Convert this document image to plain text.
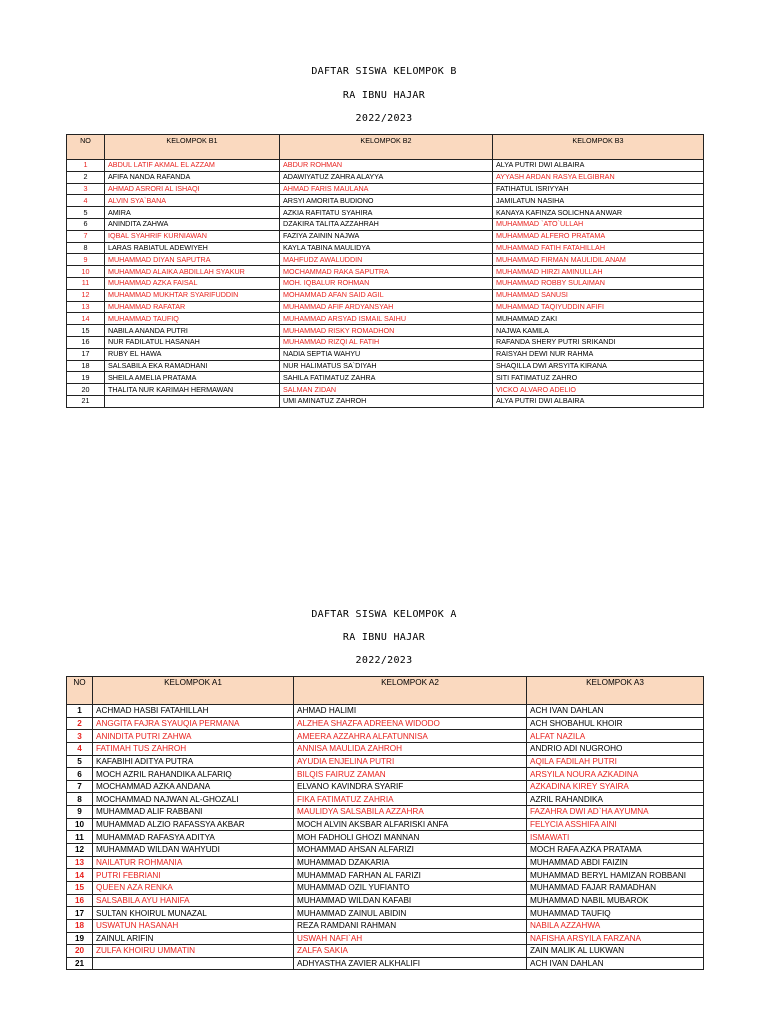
DAFTAR SISWA KELOMPOK B
RA IBNU HAJAR
2022/2023
NO	KELOMPOK B1	KELOMPOK B2	KELOMPOK B3
1	ABDUL LATIF AKMAL EL AZZAM	ABDUR ROHMAN	ALYA PUTRI DWI ALBAIRA
2	AFIFA NANDA RAFANDA	ADAWIYATUZ ZAHRA ALAYYA	AYYASH ARDAN RASYA ELGIBRAN
3	AHMAD ASRORI AL ISHAQI	AHMAD FARIS MAULANA	FATIHATUL ISRIYYAH
4	ALVIN SYA`BANA	ARSYI AMORITA BUDIONO	JAMILATUN NASIHA
5	AMIRA	AZKIA RAFITATU SYAHIRA	KANAYA KAFINZA SOLICHNA ANWAR
6	ANINDITA ZAHWA	DZAKIRA TALITA AZZAHRAH	MUHAMMAD `ATO`ULLAH
7	IQBAL SYAHRIF KURNIAWAN	FAZIYA ZAININ NAJWA	MUHAMMAD ALFERO PRATAMA
8	LARAS RABIATUL ADEWIYEH	KAYLA TABINA MAULIDYA	MUHAMMAD FATIH FATAHILLAH
9	MUHAMMAD DIYAN SAPUTRA	MAHFUDZ AWALUDDIN	MUHAMMAD FIRMAN MAULIDIL ANAM
10	MUHAMMAD ALAIKA ABDILLAH SYAKUR	MOCHAMMAD RAKA SAPUTRA	MUHAMMAD HIRZI AMINULLAH
11	MUHAMMAD AZKA FAISAL	MOH. IQBALUR ROHMAN	MUHAMMAD ROBBY SULAIMAN
12	MUHAMMAD MUKHTAR SYARIFUDDIN	MOHAMMAD AFAN SAID AGIL	MUHAMMAD SANUSI
13	MUHAMMAD RAFATAR	MUHAMMAD AFIF ARDYANSYAH	MUHAMMAD TAQIYUDDIN AFIFI
14	MUHAMMAD TAUFIQ	MUHAMMAD ARSYAD ISMAIL SAIHU	MUHAMMAD ZAKI
15	NABILA ANANDA PUTRI	MUHAMMAD RISKY ROMADHON	NAJWA KAMILA
16	NUR FADILATUL HASANAH	MUHAMMAD RIZQI AL FATIH	RAFANDA SHERY PUTRI SRIKANDI
17	RUBY EL HAWA	NADIA SEPTIA WAHYU	RAISYAH DEWI NUR RAHMA
18	SALSABILA EKA RAMADHANI	NUR HALIMATUS SA`DIYAH	SHAQILLA DWI ARSYITA KIRANA
19	SHEILA AMELIA PRATAMA	SAHILA FATIMATUZ ZAHRA	SITI FATIMATUZ ZAHRO
20	THALITA NUR KARIMAH HERMAWAN	SALMAN ZIDAN	VICKO ALVARO ADELIO
21		UMI AMINATUZ ZAHROH	ALYA PUTRI DWI ALBAIRA
DAFTAR SISWA KELOMPOK A
RA IBNU HAJAR
2022/2023
NO	KELOMPOK A1	KELOMPOK A2	KELOMPOK A3
1	ACHMAD HASBI FATAHILLAH	AHMAD HALIMI	ACH IVAN DAHLAN
2	ANGGITA FAJRA SYAUQIA PERMANA	ALZHEA SHAZFA ADREENA WIDODO	ACH SHOBAHUL KHOIR
3	ANINDITA PUTRI ZAHWA	AMEERA AZZAHRA ALFATUNNISA	ALFAT NAZILA
4	FATIMAH TUS ZAHROH	ANNISA MAULIDA ZAHROH	ANDRIO ADI NUGROHO
5	KAFABIHI ADITYA PUTRA	AYUDIA ENJELINA PUTRI	AQILA FADILAH PUTRI
6	MOCH AZRIL RAHANDIKA ALFARIQ	BILQIS FAIRUZ ZAMAN	ARSYILA NOURA AZKADINA
7	MOCHAMMAD AZKA ANDANA	ELVANO KAVINDRA SYARIF	AZKADINA KIREY SYAIRA
8	MOCHAMMAD NAJWAN AL-GHOZALI	FIKA FATIMATUZ ZAHRIA	AZRIL RAHANDIKA
9	MUHAMMAD ALIF RABBANI	MAULIDYA SALSABILA AZZAHRA	FAZAHRA DWI AD`HA AYUMNA
10	MUHAMMAD ALZIO RAFASSYA AKBAR	MOCH ALVIN AKSBAR ALFARISKI ANFA	FELYCIA ASSHIFA AINI
11	MUHAMMAD RAFASYA ADITYA	MOH FADHOLI GHOZI MANNAN	ISMAWATI
12	MUHAMMAD WILDAN WAHYUDI	MOHAMMAD AHSAN ALFARIZI	MOCH RAFA AZKA PRATAMA
13	NAILATUR ROHMANIA	MUHAMMAD DZAKARIA	MUHAMMAD ABDI FAIZIN
14	PUTRI FEBRIANI	MUHAMMAD FARHAN AL FARIZI	MUHAMMAD BERYL HAMIZAN ROBBANI
15	QUEEN AZA RENKA	MUHAMMAD OZIL YUFIANTO	MUHAMMAD FAJAR RAMADHAN
16	SALSABILA AYU HANIFA	MUHAMMAD WILDAN KAFABI	MUHAMMAD NABIL MUBAROK
17	SULTAN KHOIRUL MUNAZAL	MUHAMMAD ZAINUL ABIDIN	MUHAMMAD TAUFIQ
18	USWATUN HASANAH	REZA RAMDANI RAHMAN	NABILA AZZAHWA
19	ZAINUL ARIFIN	USWAH NAFI`AH	NAFISHA ARSYILA FARZANA
20	ZULFA KHOIRU UMMATIN	ZALFA SAKIA	ZAIN MALIK AL LUKWAN
21		ADHYASTHA ZAVIER ALKHALIFI	ACH IVAN DAHLAN
